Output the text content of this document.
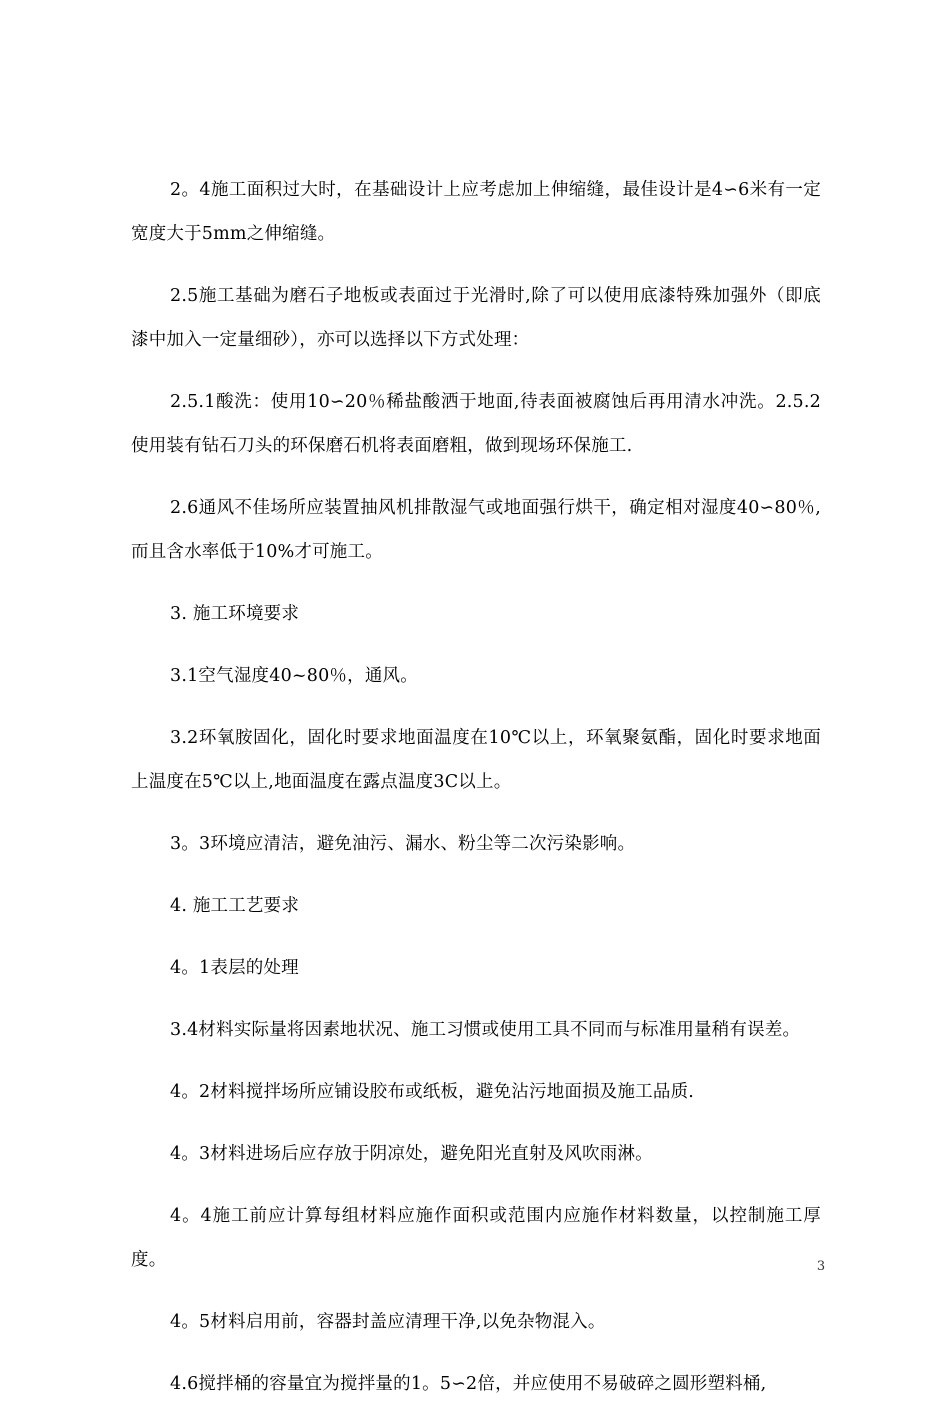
2。4施工面积过大时，在基础设计上应考虑加上伸缩缝，最佳设计是4∽6米有一定宽度大于5mm之伸缩缝。

2.5施工基础为磨石子地板或表面过于光滑时,除了可以使用底漆特殊加强外（即底漆中加入一定量细砂），亦可以选择以下方式处理：

2.5.1酸洗：使用10∽20％稀盐酸洒于地面,待表面被腐蚀后再用清水冲洗。2.5.2使用装有钻石刀头的环保磨石机将表面磨粗，做到现场环保施工.

2.6通风不佳场所应装置抽风机排散湿气或地面强行烘干，确定相对湿度40∽80％,而且含水率低于10%才可施工。

3. 施工环境要求

3.1空气湿度40~80％，通风。

3.2环氧胺固化，固化时要求地面温度在10℃以上，环氧聚氨酯，固化时要求地面上温度在5℃以上,地面温度在露点温度3C以上。

3。3环境应清洁，避免油污、漏水、粉尘等二次污染影响。

4. 施工工艺要求

4。1表层的处理

3.4材料实际量将因素地状况、施工习惯或使用工具不同而与标准用量稍有误差。

4。2材料搅拌场所应铺设胶布或纸板，避免沾污地面损及施工品质.

4。3材料进场后应存放于阴凉处，避免阳光直射及风吹雨淋。

4。4施工前应计算每组材料应施作面积或范围内应施作材料数量，以控制施工厚度。

4。5材料启用前，容器封盖应清理干净,以免杂物混入。

4.6搅拌桶的容量宜为搅拌量的1。5∽2倍，并应使用不易破碎之圆形塑料桶,

3
